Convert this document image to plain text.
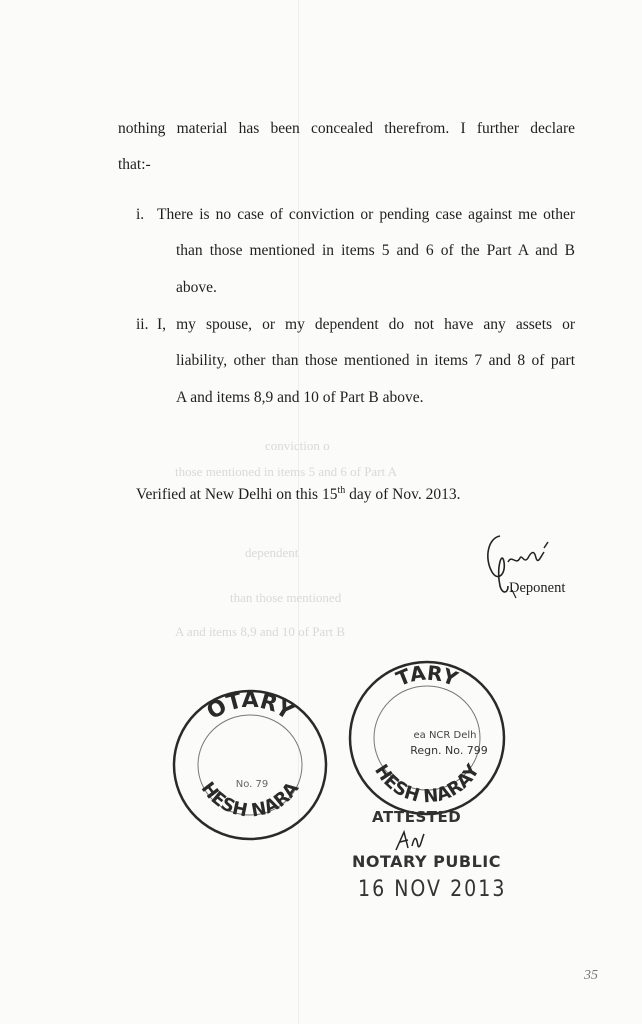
conviction o
those mentioned in items 5 and 6 of Part A
dependent
than those mentioned
A and items 8,9 and 10 of Part B
nothing material has been concealed therefrom. I further declare
that:-
i. There is no case of conviction or pending case against me other
than those mentioned in items 5 and 6 of the Part A and B
above.
ii. I, my spouse, or my dependent do not have any assets or
liability, other than those mentioned in items 7 and 8 of part
A and items 8,9 and 10 of Part B above.
Verified at New Delhi on this 15th day of Nov. 2013.
Deponent
OTARY
HESH NARA
No. 79
TARY
HESH NARAY
ea NCR Delh
Regn. No. 799
ATTESTED
NOTARY PUBLIC
16 NOV 2013
35
